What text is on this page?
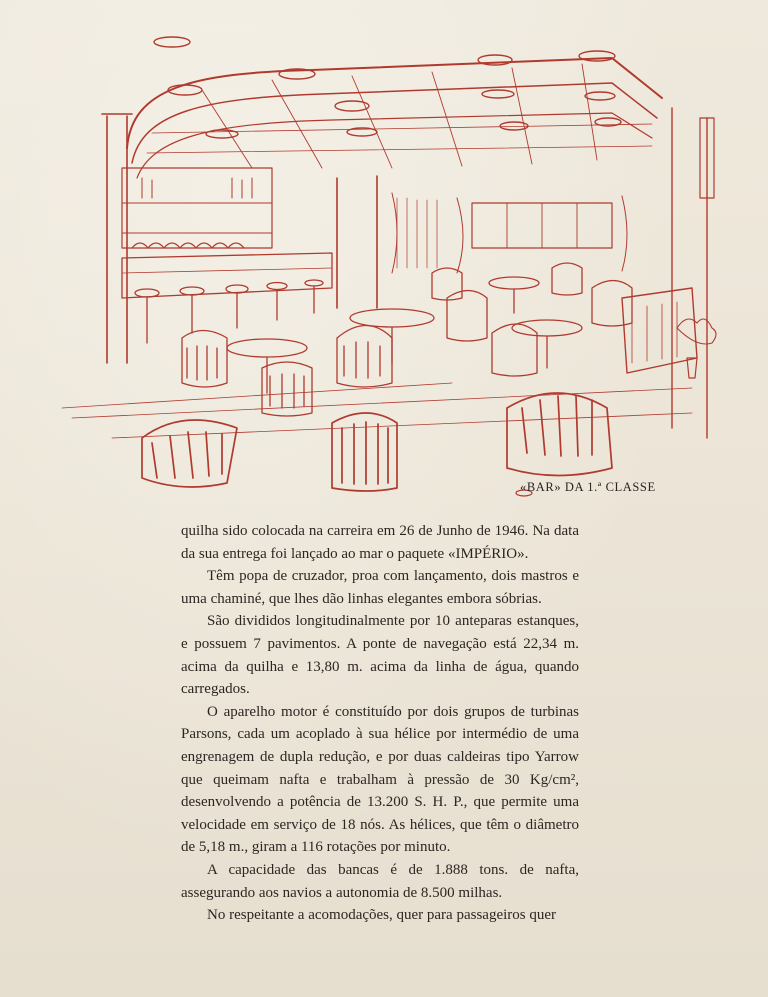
«BAR» DA 1.ª CLASSE

quilha sido colocada na carreira em 26 de Junho de 1946. Na data da sua entrega foi lançado ao mar o paquete «IMPÉRIO».

Têm popa de cruzador, proa com lançamento, dois mastros e uma chaminé, que lhes dão linhas elegantes embora sóbrias.

São divididos longitudinalmente por 10 anteparas estanques, e possuem 7 pavimentos. A ponte de navegação está 22,34 m. acima da quilha e 13,80 m. acima da linha de água, quando carregados.

O aparelho motor é constituído por dois grupos de turbinas Parsons, cada um acoplado à sua hélice por intermédio de uma engrenagem de dupla redução, e por duas caldeiras tipo Yarrow que queimam nafta e trabalham à pressão de 30 Kg/cm², desenvolvendo a potência de 13.200 S. H. P., que permite uma velocidade em serviço de 18 nós. As hélices, que têm o diâmetro de 5,18 m., giram a 116 rotações por minuto.

A capacidade das bancas é de 1.888 tons. de nafta, assegurando aos navios a autonomia de 8.500 milhas.

No respeitante a acomodações, quer para passageiros quer
